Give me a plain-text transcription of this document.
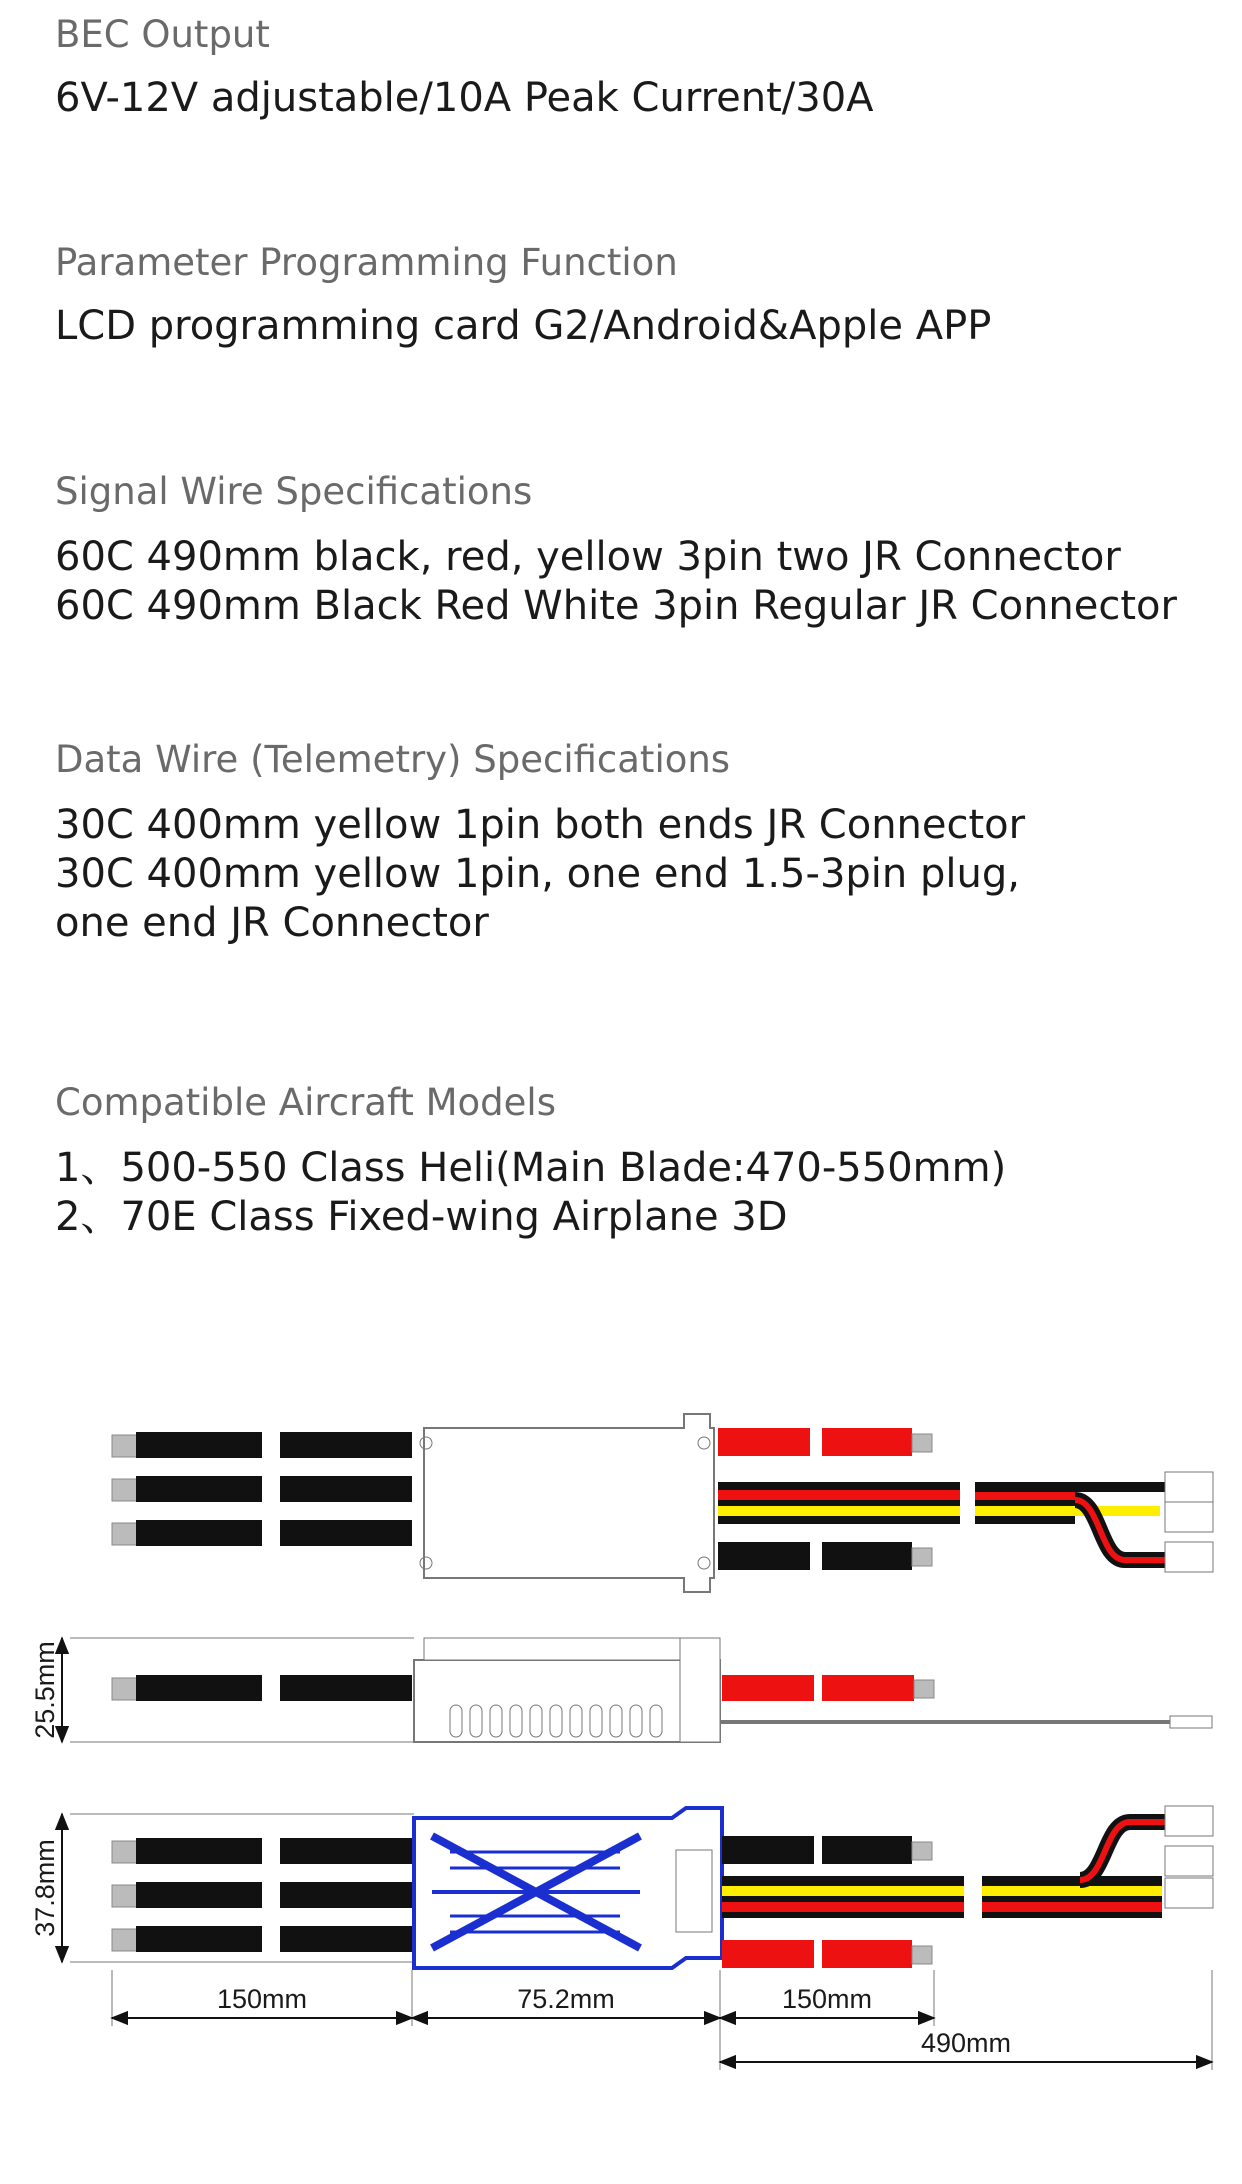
BEC Output

6V-12V adjustable/10A Peak Current/30A

Parameter Programming Function

LCD programming card G2/Android&Apple APP

Signal Wire Specifications

60C 490mm black, red, yellow 3pin two JR Connector

60C 490mm Black Red White 3pin Regular JR Connector

Data Wire (Telemetry) Specifications

30C 400mm yellow 1pin both ends JR Connector

30C 400mm yellow 1pin, one end 1.5-3pin plug,

one end JR Connector

Compatible Aircraft Models

1、500-550 Class Heli(Main Blade:470-550mm)

2、70E Class Fixed-wing Airplane 3D

25.5mm
37.8mm
150mm	75.2mm	150mm
490mm
